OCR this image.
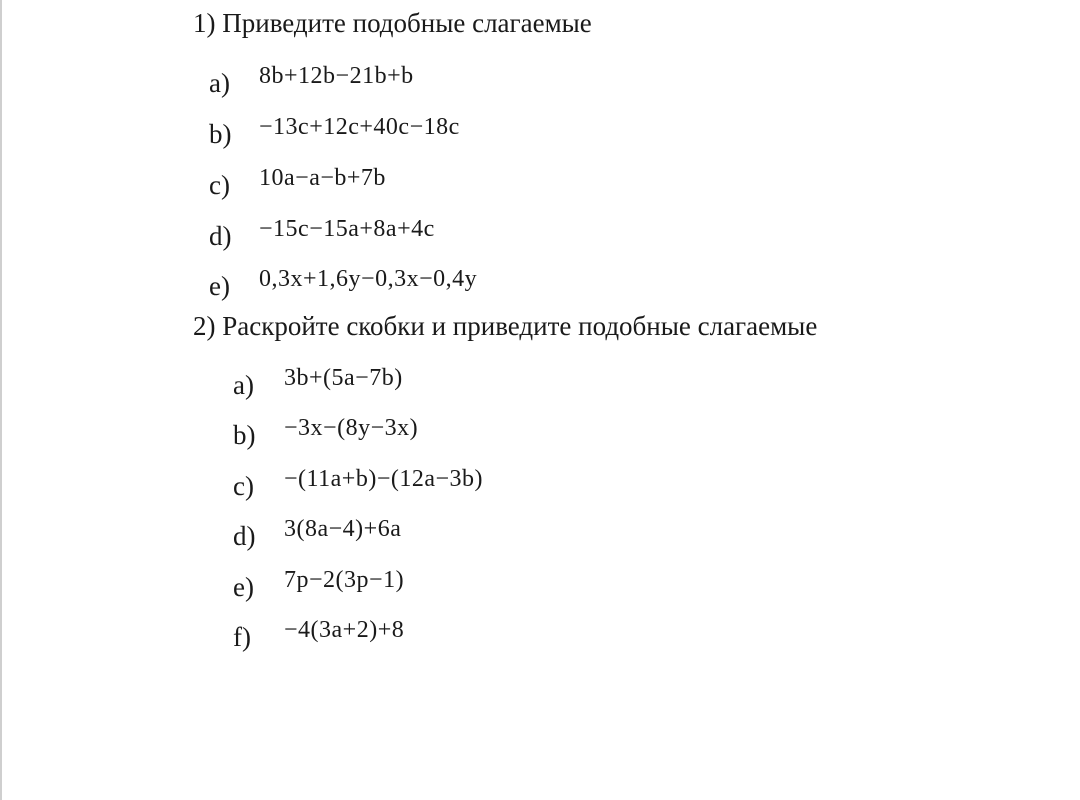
1) Приведите подобные слагаемые
a) 8b+12b−21b+b
b) −13c+12c+40c−18c
c) 10a−a−b+7b
d) −15c−15a+8a+4c
e) 0,3x+1,6y−0,3x−0,4y
2) Раскройте скобки и приведите подобные слагаемые
a) 3b+(5a−7b)
b) −3x−(8y−3x)
c) −(11a+b)−(12a−3b)
d) 3(8a−4)+6a
e) 7p−2(3p−1)
f) −4(3a+2)+8
